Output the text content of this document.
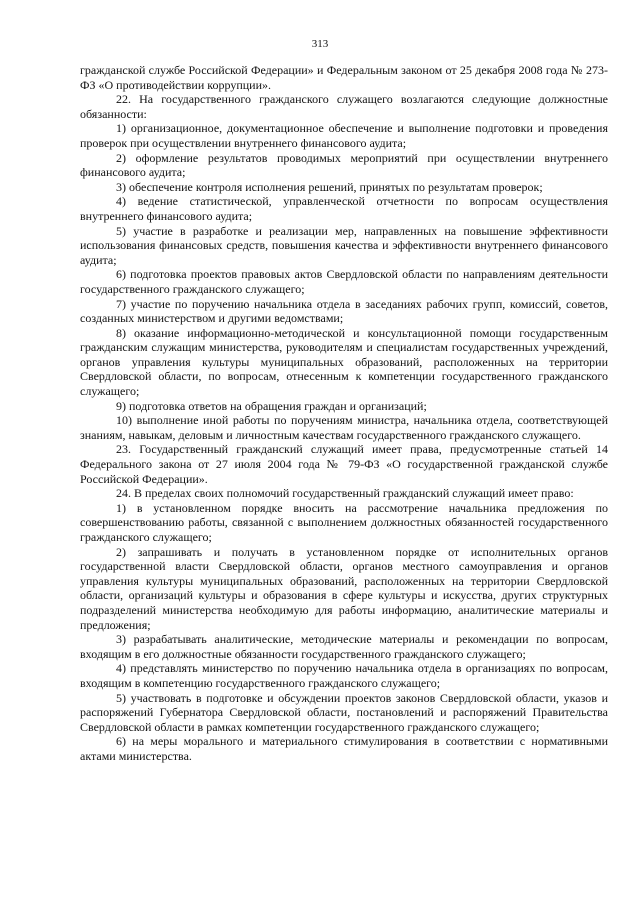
313

гражданской службе Российской Федерации» и Федеральным законом от 25 декабря 2008 года № 273-ФЗ «О противодействии коррупции».

22. На государственного гражданского служащего возлагаются следующие должностные обязанности:

1) организационное, документационное обеспечение и выполнение подготовки и проведения проверок при осуществлении внутреннего финансового аудита;

2) оформление результатов проводимых мероприятий при осуществлении внутреннего финансового аудита;

3) обеспечение контроля исполнения решений, принятых по результатам проверок;

4) ведение статистической, управленческой отчетности по вопросам осуществления внутреннего финансового аудита;

5) участие в разработке и реализации мер, направленных на повышение эффективности использования финансовых средств, повышения качества и эффективности внутреннего финансового аудита;

6) подготовка проектов правовых актов Свердловской области по направлениям деятельности государственного гражданского служащего;

7) участие по поручению начальника отдела в заседаниях рабочих групп, комиссий, советов, созданных министерством и другими ведомствами;

8) оказание информационно-методической и консультационной помощи государственным гражданским служащим министерства, руководителям и специалистам государственных учреждений, органов управления культуры муниципальных образований, расположенных на территории Свердловской области, по вопросам, отнесенным к компетенции государственного гражданского служащего;

9) подготовка ответов на обращения граждан и организаций;

10) выполнение иной работы по поручениям министра, начальника отдела, соответствующей знаниям, навыкам, деловым и личностным качествам государственного гражданского служащего.

23. Государственный гражданский служащий имеет права, предусмотренные статьей 14 Федерального закона от 27 июля 2004 года № 79-ФЗ «О государственной гражданской службе Российской Федерации».

24. В пределах своих полномочий государственный гражданский служащий имеет право:

1) в установленном порядке вносить на рассмотрение начальника предложения по совершенствованию работы, связанной с выполнением должностных обязанностей государственного гражданского служащего;

2) запрашивать и получать в установленном порядке от исполнительных органов государственной власти Свердловской области, органов местного самоуправления и органов управления культуры муниципальных образований, расположенных на территории Свердловской области, организаций культуры и образования в сфере культуры и искусства, других структурных подразделений министерства необходимую для работы информацию, аналитические материалы и предложения;

3) разрабатывать аналитические, методические материалы и рекомендации по вопросам, входящим в его должностные обязанности государственного гражданского служащего;

4) представлять министерство по поручению начальника отдела в организациях по вопросам, входящим в компетенцию государственного гражданского служащего;

5) участвовать в подготовке и обсуждении проектов законов Свердловской области, указов и распоряжений Губернатора Свердловской области, постановлений и распоряжений Правительства Свердловской области в рамках компетенции государственного гражданского служащего;

6) на меры морального и материального стимулирования в соответствии с нормативными актами министерства.
